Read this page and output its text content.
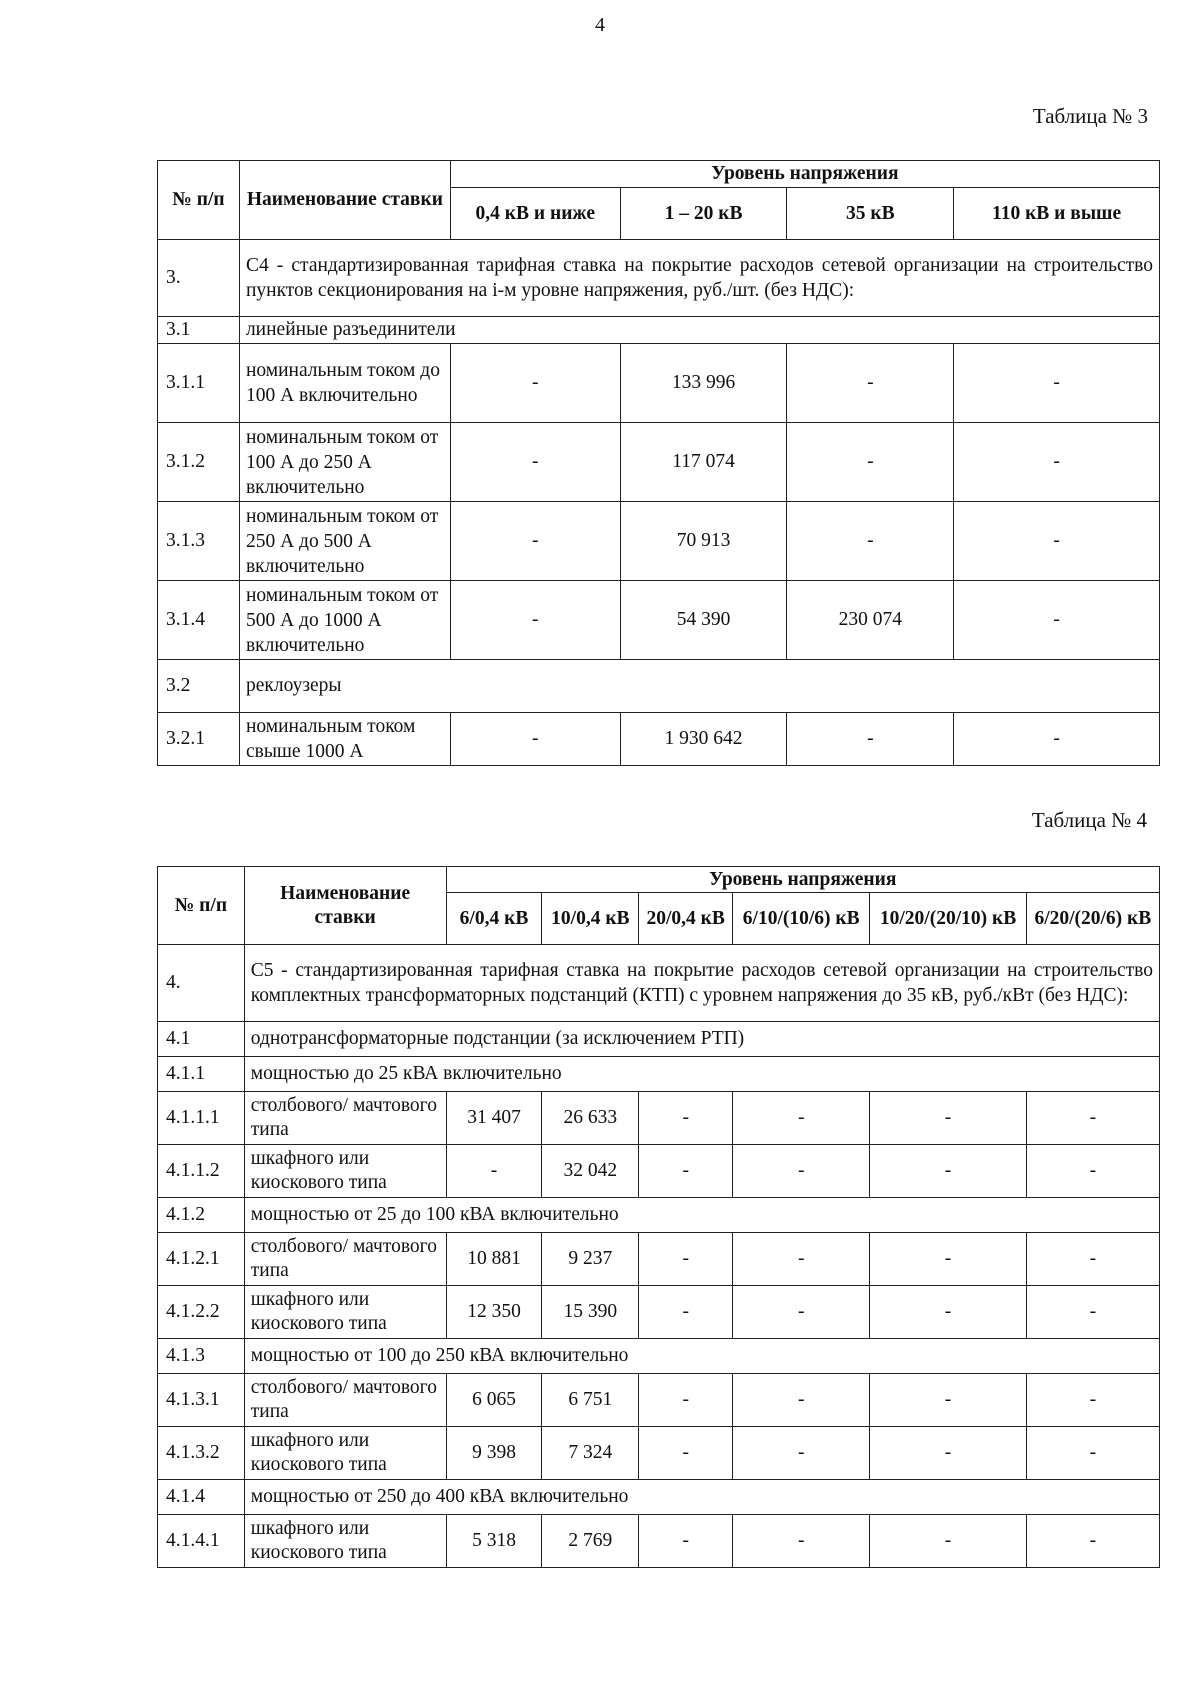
4
Таблица № 3
№ п/п	Наименование ставки	Уровень напряжения			
		0,4 кВ и ниже	1 – 20 кВ	35 кВ	110 кВ и выше
3.	С4 - стандартизированная тарифная ставка на покрытие расходов сетевой организации на строительство пунктов секционирования на i-м уровне напряжения, руб./шт. (без НДС):				
3.1	линейные разъединители				
3.1.1	номинальным током до 100 А включительно	-	133 996	-	-
3.1.2	номинальным током от 100 А до 250 А включительно	-	117 074	-	-
3.1.3	номинальным током от 250 А до 500 А включительно	-	70 913	-	-
3.1.4	номинальным током от 500 А до 1000 А включительно	-	54 390	230 074	-
3.2	реклоузеры				
3.2.1	номинальным током свыше 1000 А	-	1 930 642	-	-
Таблица № 4
№ п/п	Наименование ставки	Уровень напряжения					
		6/0,4 кВ	10/0,4 кВ	20/0,4 кВ	6/10/(10/6) кВ	10/20/(20/10) кВ	6/20/(20/6) кВ
4.	С5 - стандартизированная тарифная ставка на покрытие расходов сетевой организации на строительство комплектных трансформаторных подстанций (КТП) с уровнем напряжения до 35 кВ, руб./кВт (без НДС):						
4.1	однотрансформаторные подстанции (за исключением РТП)						
4.1.1	мощностью до 25 кВА включительно						
4.1.1.1	столбового/ мачтового типа	31 407	26 633	-	-	-	-
4.1.1.2	шкафного или киоскового типа	-	32 042	-	-	-	-
4.1.2	мощностью от 25 до 100 кВА включительно						
4.1.2.1	столбового/ мачтового типа	10 881	9 237	-	-	-	-
4.1.2.2	шкафного или киоскового типа	12 350	15 390	-	-	-	-
4.1.3	мощностью от 100 до 250 кВА включительно						
4.1.3.1	столбового/ мачтового типа	6 065	6 751	-	-	-	-
4.1.3.2	шкафного или киоскового типа	9 398	7 324	-	-	-	-
4.1.4	мощностью от 250 до 400 кВА включительно						
4.1.4.1	шкафного или киоскового типа	5 318	2 769	-	-	-	-
